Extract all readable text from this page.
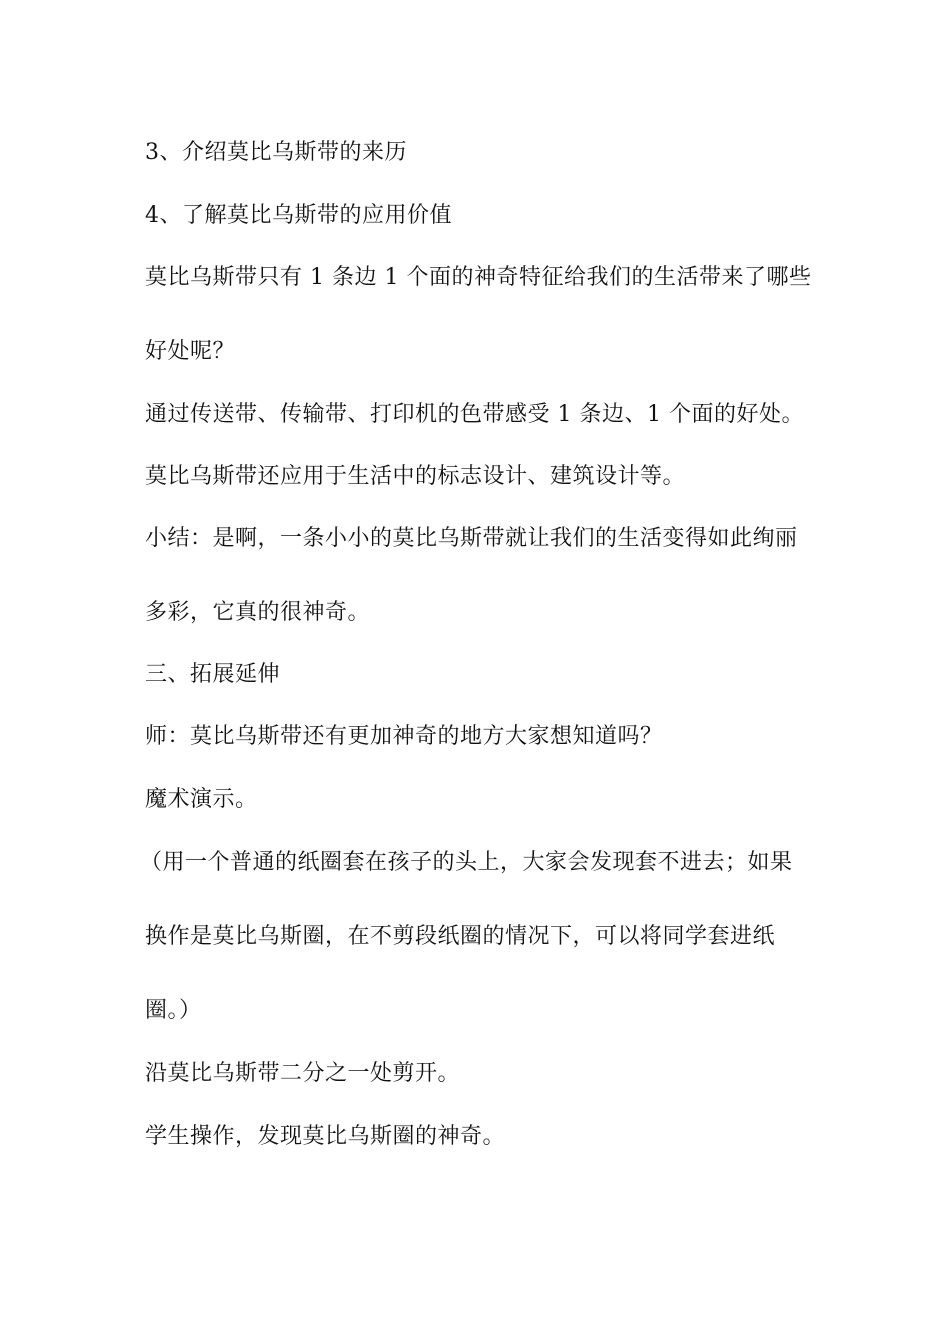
3、介绍莫比乌斯带的来历
4、了解莫比乌斯带的应用价值
莫比乌斯带只有 1 条边 1 个面的神奇特征给我们的生活带来了哪些
好处呢？
通过传送带、传输带、打印机的色带感受 1 条边、1 个面的好处。
莫比乌斯带还应用于生活中的标志设计、建筑设计等。
小结：是啊，一条小小的莫比乌斯带就让我们的生活变得如此绚丽
多彩，它真的很神奇。
三、拓展延伸
师：莫比乌斯带还有更加神奇的地方大家想知道吗？
魔术演示。
（用一个普通的纸圈套在孩子的头上，大家会发现套不进去；如果
换作是莫比乌斯圈，在不剪段纸圈的情况下，可以将同学套进纸
圈。）
沿莫比乌斯带二分之一处剪开。
学生操作，发现莫比乌斯圈的神奇。
